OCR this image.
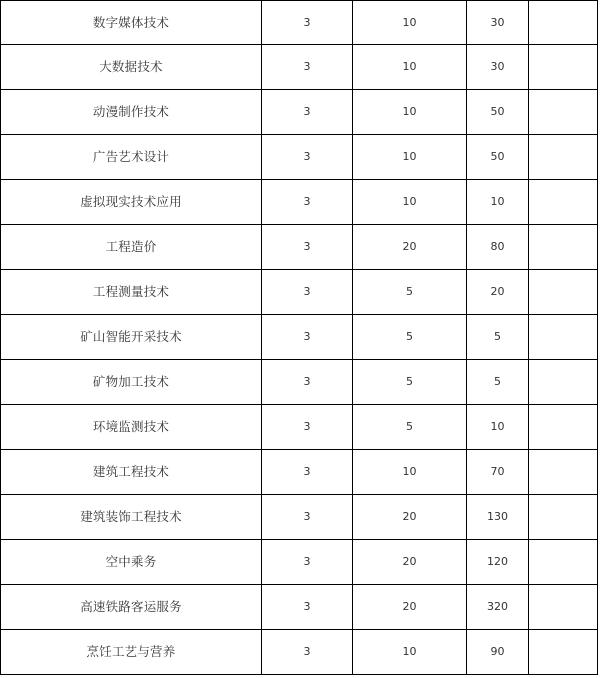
数字媒体技术	3	10	30	
大数据技术	3	10	30	
动漫制作技术	3	10	50	
广告艺术设计	3	10	50	
虚拟现实技术应用	3	10	10	
工程造价	3	20	80	
工程测量技术	3	5	20	
矿山智能开采技术	3	5	5	
矿物加工技术	3	5	5	
环境监测技术	3	5	10	
建筑工程技术	3	10	70	
建筑装饰工程技术	3	20	130	
空中乘务	3	20	120	
高速铁路客运服务	3	20	320	
烹饪工艺与营养	3	10	90	
